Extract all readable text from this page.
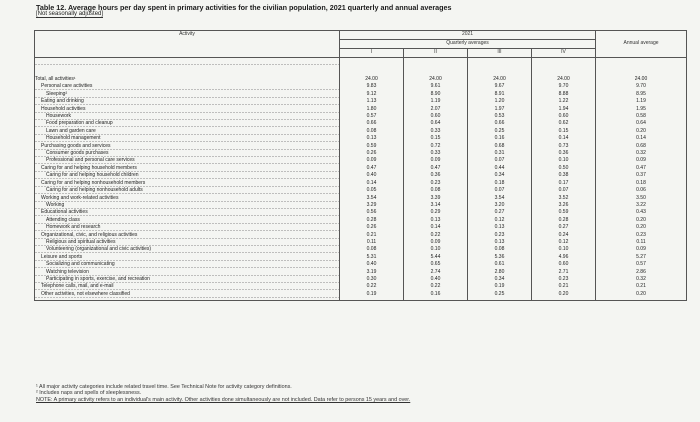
Table 12. Average hours per day spent in primary activities for the civilian population, 2021 quarterly and annual averages
[Not seasonally adjusted]
Activity	2021				Annual average
	Quarterly averages				
	I	II	III	IV	
Total, all activities¹	24.00	24.00	24.00	24.00	24.00
Personal care activities	9.83	9.61	9.67	9.70	9.70
Sleeping²	9.12	8.90	8.91	8.88	8.95
Eating and drinking	1.13	1.19	1.20	1.22	1.19
Household activities	1.80	2.07	1.97	1.94	1.95
Housework	0.57	0.60	0.53	0.60	0.58
Food preparation and cleanup	0.66	0.64	0.66	0.62	0.64
Lawn and garden care	0.08	0.33	0.25	0.15	0.20
Household management	0.13	0.15	0.16	0.14	0.14
Purchasing goods and services	0.59	0.72	0.68	0.73	0.68
Consumer goods purchases	0.26	0.33	0.31	0.36	0.32
Professional and personal care services	0.09	0.09	0.07	0.10	0.09
Caring for and helping household members	0.47	0.47	0.44	0.50	0.47
Caring for and helping household children	0.40	0.36	0.34	0.38	0.37
Caring for and helping nonhousehold members	0.14	0.23	0.18	0.17	0.18
Caring for and helping nonhousehold adults	0.05	0.08	0.07	0.07	0.06
Working and work-related activities	3.54	3.39	3.54	3.52	3.50
Working	3.29	3.14	3.20	3.26	3.22
Educational activities	0.56	0.29	0.27	0.59	0.43
Attending class	0.28	0.13	0.12	0.28	0.20
Homework and research	0.26	0.14	0.13	0.27	0.20
Organizational, civic, and religious activities	0.21	0.22	0.23	0.24	0.23
Religious and spiritual activities	0.11	0.09	0.13	0.12	0.11
Volunteering (organizational and civic activities)	0.08	0.10	0.08	0.10	0.09
Leisure and sports	5.31	5.44	5.36	4.96	5.27
Socializing and communicating	0.40	0.65	0.61	0.60	0.57
Watching television	3.19	2.74	2.80	2.71	2.86
Participating in sports, exercise, and recreation	0.30	0.40	0.34	0.23	0.32
Telephone calls, mail, and e-mail	0.22	0.22	0.19	0.21	0.21
Other activities, not elsewhere classified	0.19	0.16	0.25	0.20	0.20
¹ All major activity categories include related travel time. See Technical Note for activity category definitions.
² Includes naps and spells of sleeplessness.
NOTE: A primary activity refers to an individual's main activity. Other activities done simultaneously are not included. Data refer to persons 15 years and over.
